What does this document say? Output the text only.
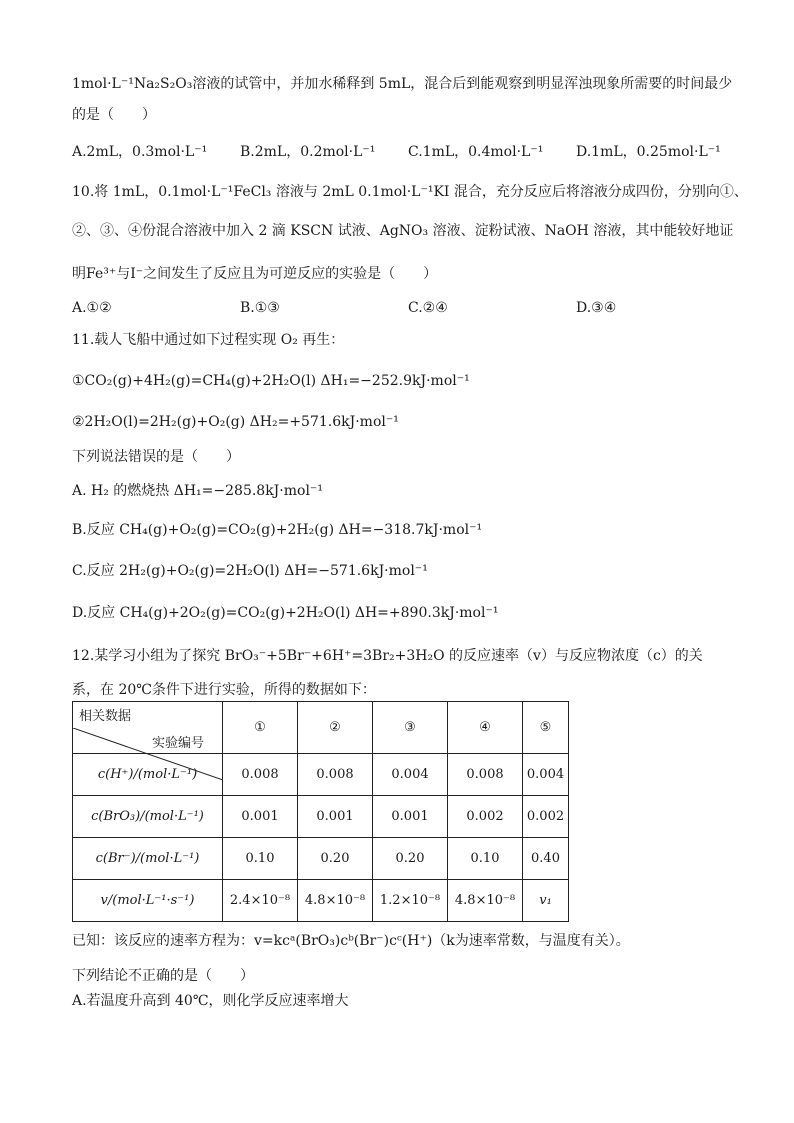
1mol·L⁻¹Na₂S₂O₃溶液的试管中，并加水稀释到 5mL，混合后到能观察到明显浑浊现象所需要的时间最少
的是（　　）
A.2mL，0.3mol·L⁻¹ B.2mL，0.2mol·L⁻¹ C.1mL，0.4mol·L⁻¹ D.1mL，0.25mol·L⁻¹
10.将 1mL，0.1mol·L⁻¹FeCl₃ 溶液与 2mL 0.1mol·L⁻¹KI 混合，充分反应后将溶液分成四份，分别向①、
②、③、④份混合溶液中加入 2 滴 KSCN 试液、AgNO₃ 溶液、淀粉试液、NaOH 溶液，其中能较好地证
明Fe³⁺与I⁻之间发生了反应且为可逆反应的实验是（　　）
A.①②	B.①③	C.②④	D.③④
11.载人飞船中通过如下过程实现 O₂ 再生：
①CO₂(g)+4H₂(g)=CH₄(g)+2H₂O(l) ΔH₁=−252.9kJ·mol⁻¹
②2H₂O(l)=2H₂(g)+O₂(g) ΔH₂=+571.6kJ·mol⁻¹
下列说法错误的是（　　）
A. H₂ 的燃烧热 ΔH₁=−285.8kJ·mol⁻¹
B.反应 CH₄(g)+O₂(g)=CO₂(g)+2H₂(g) ΔH=−318.7kJ·mol⁻¹
C.反应 2H₂(g)+O₂(g)=2H₂O(l) ΔH=−571.6kJ·mol⁻¹
D.反应 CH₄(g)+2O₂(g)=CO₂(g)+2H₂O(l) ΔH=+890.3kJ·mol⁻¹
12.某学习小组为了探究 BrO₃⁻+5Br⁻+6H⁺=3Br₂+3H₂O 的反应速率（v）与反应物浓度（c）的关
系，在 20℃条件下进行实验，所得的数据如下：
实验编号
相关数据	①	②	③	④	⑤
c(H⁺)/(mol·L⁻¹)	0.008	0.008	0.004	0.008	0.004
c(BrO₃)/(mol·L⁻¹)	0.001	0.001	0.001	0.002	0.002
c(Br⁻)/(mol·L⁻¹)	0.10	0.20	0.20	0.10	0.40
v/(mol·L⁻¹·s⁻¹)	2.4×10⁻⁸	4.8×10⁻⁸	1.2×10⁻⁸	4.8×10⁻⁸	v₁
已知：该反应的速率方程为：v=kcᵃ(BrO₃)cᵇ(Br⁻)cᶜ(H⁺)（k为速率常数，与温度有关）。
下列结论不正确的是（　　）
A.若温度升高到 40℃，则化学反应速率增大
